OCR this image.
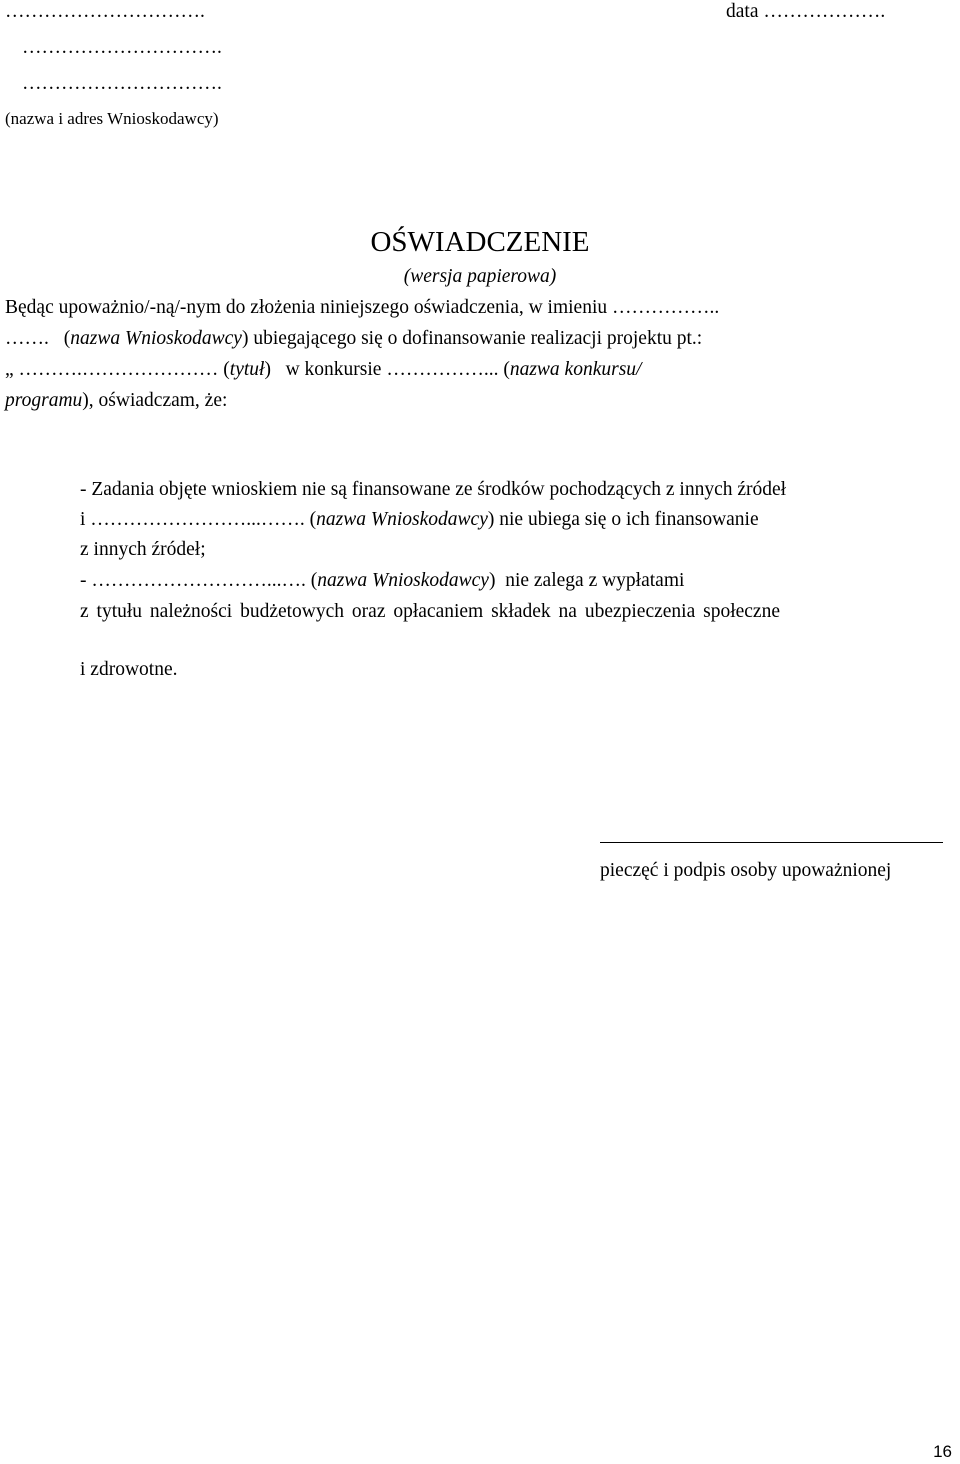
………………………….	data ……………….
………………………….
………………………….
(nazwa i adres Wnioskodawcy)
OŚWIADCZENIE
(wersja papierowa)
Będąc upoważnio/-ną/-nym do złożenia niniejszego oświadczenia, w imieniu ……………..
……. (nazwa Wnioskodawcy) ubiegającego się o dofinansowanie realizacji projektu pt.:
„ ……….………………… (tytuł)   w konkursie ……………... (nazwa konkursu/
programu), oświadczam, że:
- Zadania objęte wnioskiem nie są finansowane ze środków pochodzących z innych źródeł
i ……………………...……. (nazwa Wnioskodawcy) nie ubiega się o ich finansowanie
z innych źródeł;
- ………………………...…. (nazwa Wnioskodawcy)  nie zalega z wypłatami
z tytułu należności budżetowych oraz opłacaniem składek na ubezpieczenia społeczne
i zdrowotne.
pieczęć i podpis osoby upoważnionej
16
